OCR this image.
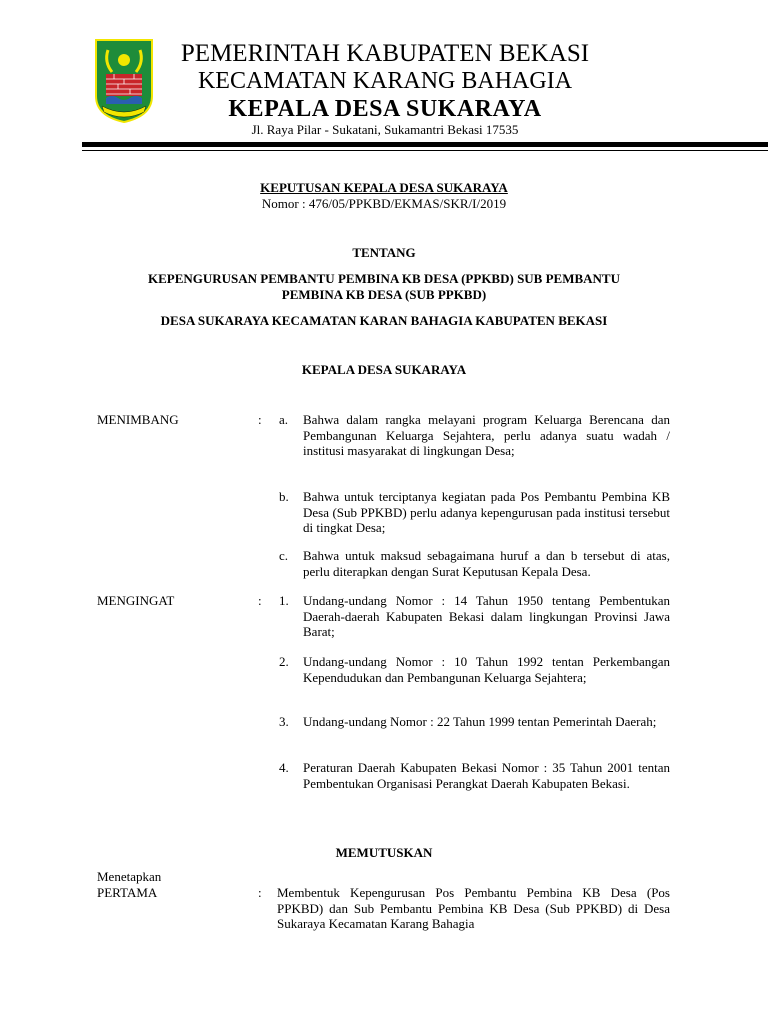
PEMERINTAH KABUPATEN BEKASI
KECAMATAN KARANG BAHAGIA
KEPALA DESA SUKARAYA
Jl. Raya Pilar - Sukatani, Sukamantri Bekasi 17535
KEPUTUSAN KEPALA DESA SUKARAYA
Nomor : 476/05/PPKBD/EKMAS/SKR/I/2019
TENTANG
KEPENGURUSAN PEMBANTU PEMBINA KB DESA (PPKBD) SUB PEMBANTU
PEMBINA KB DESA (SUB PPKBD)
DESA SUKARAYA KECAMATAN KARAN BAHAGIA KABUPATEN BEKASI
KEPALA DESA SUKARAYA
MENIMBANG	: a. Bahwa dalam rangka melayani program Keluarga Berencana dan Pembangunan Keluarga Sejahtera, perlu adanya suatu wadah / institusi masyarakat di lingkungan Desa;
b. Bahwa untuk terciptanya kegiatan pada Pos Pembantu Pembina KB Desa (Sub PPKBD) perlu adanya kepengurusan pada institusi tersebut di tingkat Desa;
c. Bahwa untuk maksud sebagaimana huruf a dan b tersebut di atas, perlu diterapkan dengan Surat Keputusan Kepala Desa.
MENGINGAT	: 1. Undang-undang Nomor : 14 Tahun 1950 tentang Pembentukan Daerah-daerah Kabupaten Bekasi dalam lingkungan Provinsi Jawa Barat;
2. Undang-undang Nomor : 10 Tahun 1992 tentan Perkembangan Kependudukan dan Pembangunan Keluarga Sejahtera;
3. Undang-undang Nomor : 22 Tahun 1999 tentan Pemerintah Daerah;
4. Peraturan Daerah Kabupaten Bekasi Nomor : 35 Tahun 2001 tentan Pembentukan Organisasi Perangkat Daerah Kabupaten Bekasi.
MEMUTUSKAN
Menetapkan
PERTAMA	: Membentuk Kepengurusan Pos Pembantu Pembina KB Desa (Pos PPKBD) dan Sub Pembantu Pembina KB Desa (Sub PPKBD) di Desa Sukaraya Kecamatan Karang Bahagia
